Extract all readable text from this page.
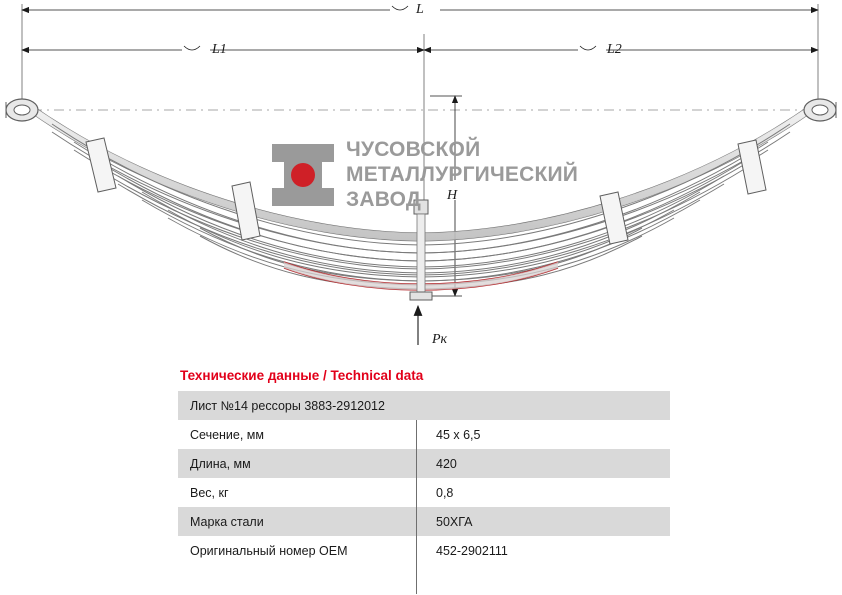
L
L1	L2
Pк
H
ЧУСОВСКОЙ
МЕТАЛЛУРГИЧЕСКИЙ
ЗАВОД
Технические данные / Technical data
Лист №14 рессоры 3883-2912012	
Сечение, мм	45 х 6,5
Длина, мм	420
Вес, кг	0,8
Марка стали	50ХГА
Оригинальный номер ОЕМ	452-2902111
